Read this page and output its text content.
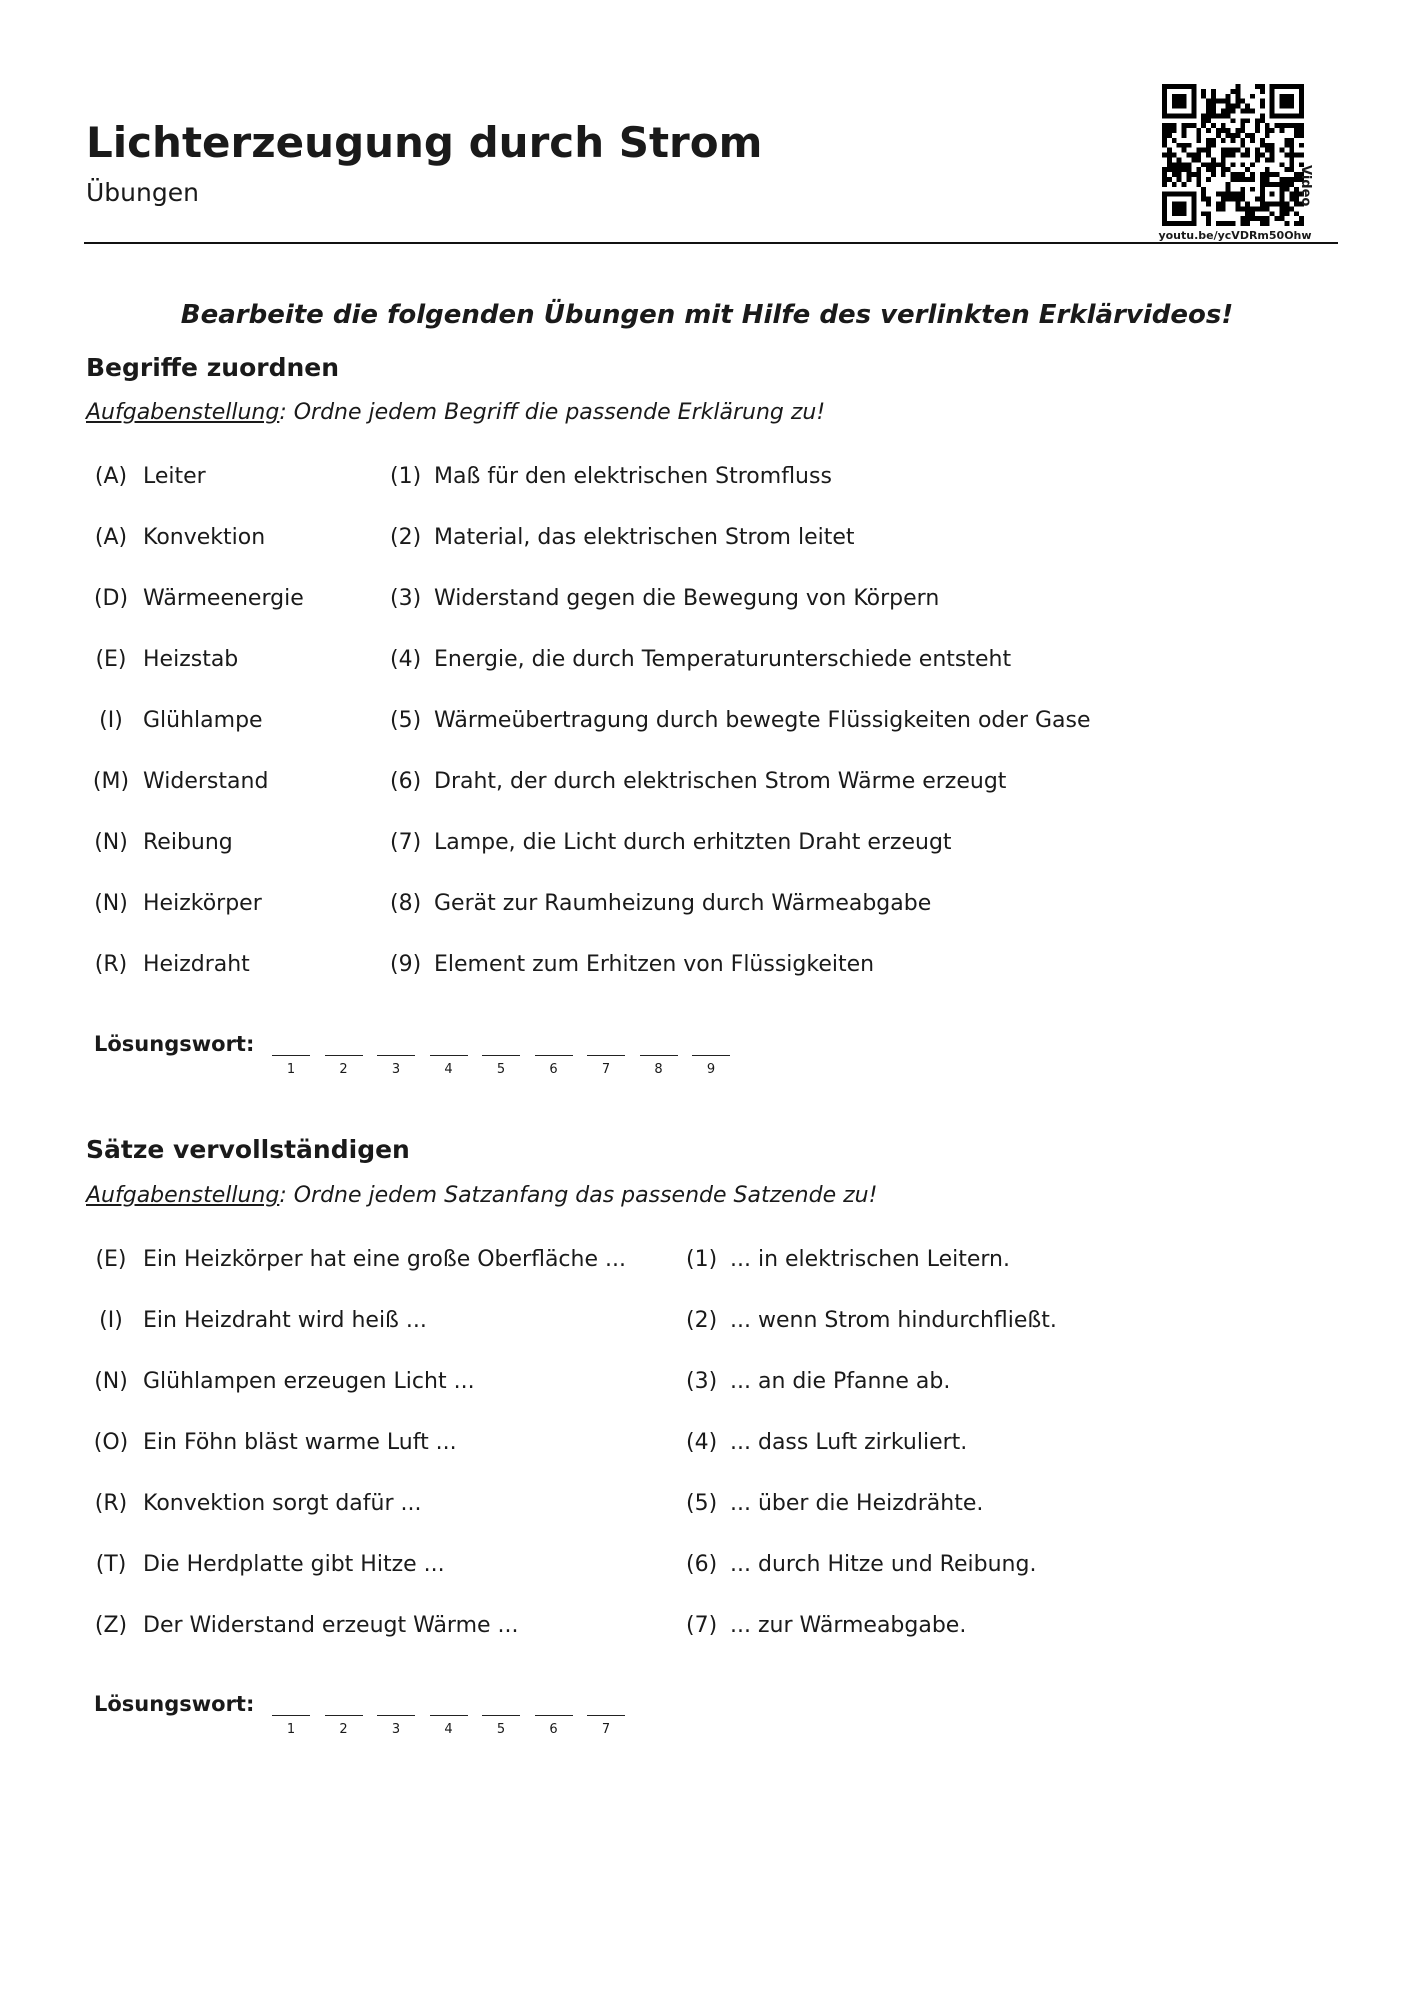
Lichterzeugung durch Strom
Übungen
youtu.be/ycVDRm50Ohw
Video
Bearbeite die folgenden Übungen mit Hilfe des verlinkten Erklärvideos!
Begriffe zuordnen
Aufgabenstellung: Ordne jedem Begriff die passende Erklärung zu!
(A) Leiter	(1) Maß für den elektrischen Stromfluss
(A) Konvektion	(2) Material, das elektrischen Strom leitet
(D) Wärmeenergie	(3) Widerstand gegen die Bewegung von Körpern
(E) Heizstab	(4) Energie, die durch Temperaturunterschiede entsteht
(I) Glühlampe	(5) Wärmeübertragung durch bewegte Flüssigkeiten oder Gase
(M) Widerstand	(6) Draht, der durch elektrischen Strom Wärme erzeugt
(N) Reibung	(7) Lampe, die Licht durch erhitzten Draht erzeugt
(N) Heizkörper	(8) Gerät zur Raumheizung durch Wärmeabgabe
(R) Heizdraht	(9) Element zum Erhitzen von Flüssigkeiten
Lösungswort:
1	2	3	4	5	6	7	8	9
Sätze vervollständigen
Aufgabenstellung: Ordne jedem Satzanfang das passende Satzende zu!
(E) Ein Heizkörper hat eine große Oberfläche ...	(1) ... in elektrischen Leitern.
(I) Ein Heizdraht wird heiß ...	(2) ... wenn Strom hindurchfließt.
(N) Glühlampen erzeugen Licht ...	(3) ... an die Pfanne ab.
(O) Ein Föhn bläst warme Luft ...	(4) ... dass Luft zirkuliert.
(R) Konvektion sorgt dafür ...	(5) ... über die Heizdrähte.
(T) Die Herdplatte gibt Hitze ...	(6) ... durch Hitze und Reibung.
(Z) Der Widerstand erzeugt Wärme ...	(7) ... zur Wärmeabgabe.
Lösungswort:
1	2	3	4	5	6	7
